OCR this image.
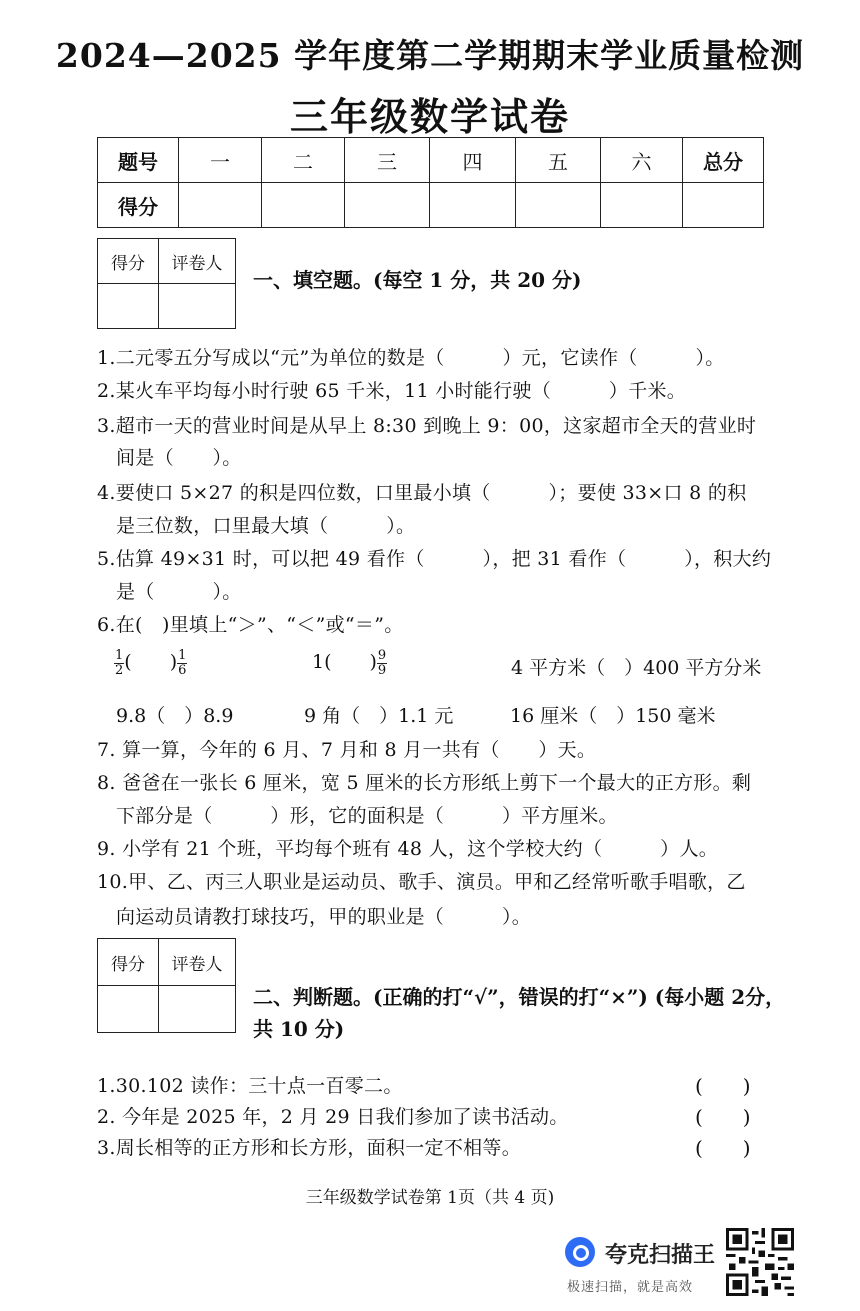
2024—2025 学年度第二学期期末学业质量检测
三年级数学试卷
题号	一	二	三	四	五	六	总分
得分							
得分	评卷人

一、填空题。(每空 1 分，共 20 分)
1.二元零五分写成以“元”为单位的数是（　　　）元，它读作（　　　）。
2.某火车平均每小时行驶 65 千米，11 小时能行驶（　　　）千米。
3.超市一天的营业时间是从早上 8:30 到晚上 9：00，这家超市全天的营业时
间是（　　）。
4.要使口 5×27 的积是四位数，口里最小填（　　　）；要使 33×口 8 的积
是三位数，口里最大填（　　　）。
5.估算 49×31 时，可以把 49 看作（　　　），把 31 看作（　　　），积大约
是（　　　）。
6.在(　)里填上“＞”、“＜”或“＝”。
$\frac{1}{2}$ (　　) $\frac{1}{6}$	1(　　) $\frac{9}{9}$	4 平方米（　）400 平方分米
9.8（　）8.9	9 角（　）1.1 元	16 厘米（　）150 毫米
7. 算一算，今年的 6 月、7 月和 8 月一共有（　　）天。
8. 爸爸在一张长 6 厘米，宽 5 厘米的长方形纸上剪下一个最大的正方形。剩
下部分是（　　　）形，它的面积是（　　　）平方厘米。
9. 小学有 21 个班，平均每个班有 48 人，这个学校大约（　　　）人。
10.甲、乙、丙三人职业是运动员、歌手、演员。甲和乙经常听歌手唱歌，乙
向运动员请教打球技巧，甲的职业是（　　　）。
得分	评卷人

二、判断题。(正确的打“√”，错误的打“×”) (每小题 2分，
共 10 分)
1.30.102 读作：三十点一百零二。	(　　)
2. 今年是 2025 年，2 月 29 日我们参加了读书活动。	(　　)
3.周长相等的正方形和长方形，面积一定不相等。	(　　)
三年级数学试卷第 1页（共 4 页)
夸克扫描王
极速扫描，就是高效
